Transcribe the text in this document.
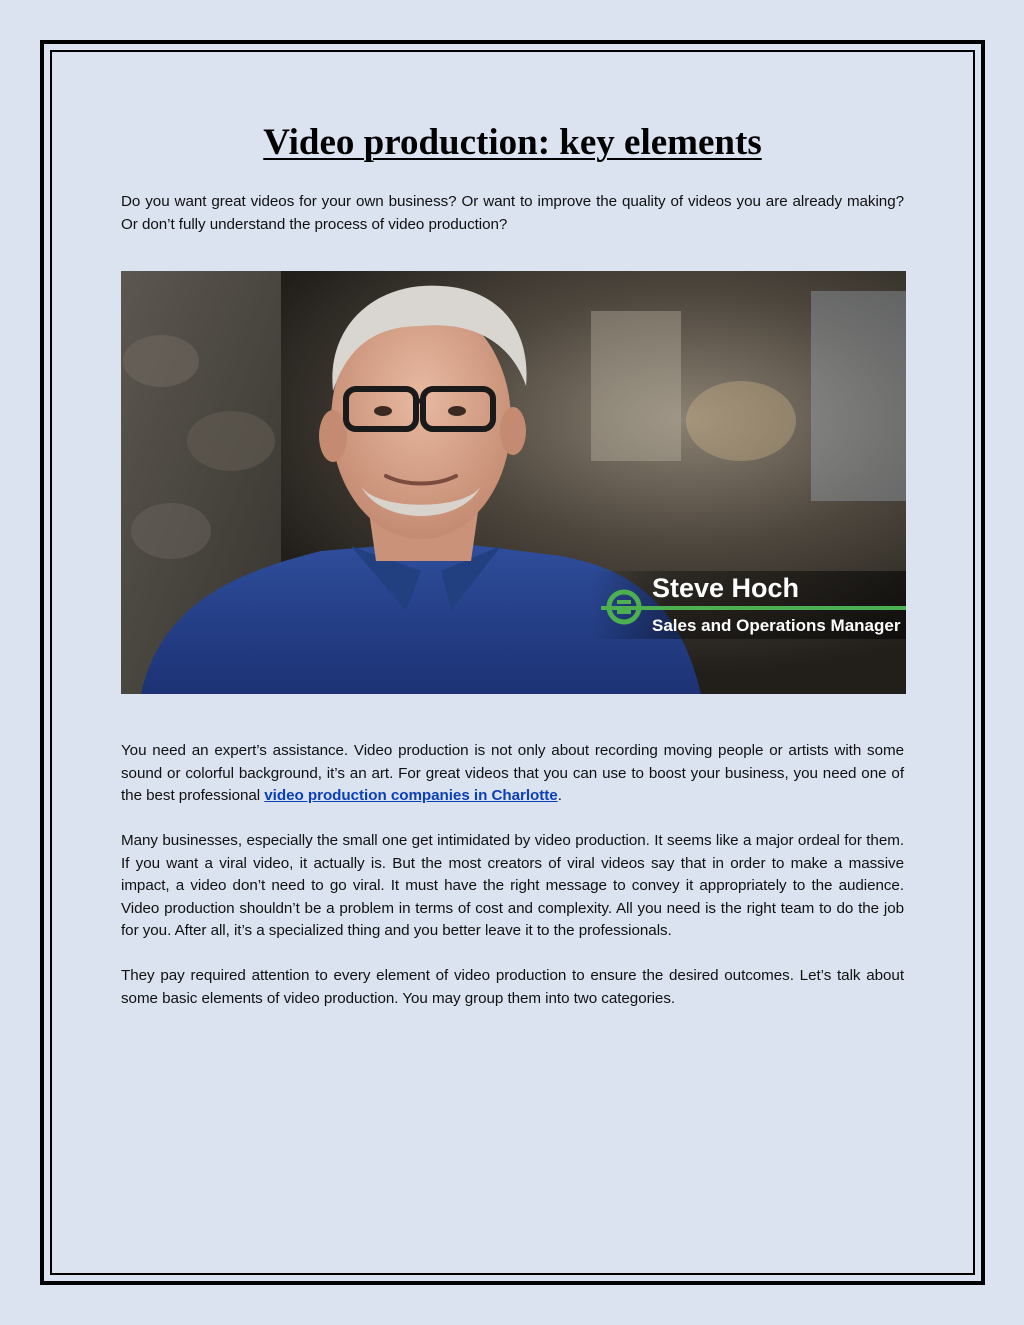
Video production: key elements

Do you want great videos for your own business? Or want to improve the quality of videos you are already making? Or don’t fully understand the process of video production?

Steve Hoch
Sales and Operations Manager

You need an expert’s assistance. Video production is not only about recording moving people or artists with some sound or colorful background, it’s an art. For great videos that you can use to boost your business, you need one of the best professional video production companies in Charlotte.

Many businesses, especially the small one get intimidated by video production. It seems like a major ordeal for them. If you want a viral video, it actually is. But the most creators of viral videos say that in order to make a massive impact, a video don’t need to go viral. It must have the right message to convey it appropriately to the audience. Video production shouldn’t be a problem in terms of cost and complexity. All you need is the right team to do the job for you. After all, it’s a specialized thing and you better leave it to the professionals.

They pay required attention to every element of video production to ensure the desired outcomes. Let’s talk about some basic elements of video production. You may group them into two categories.
